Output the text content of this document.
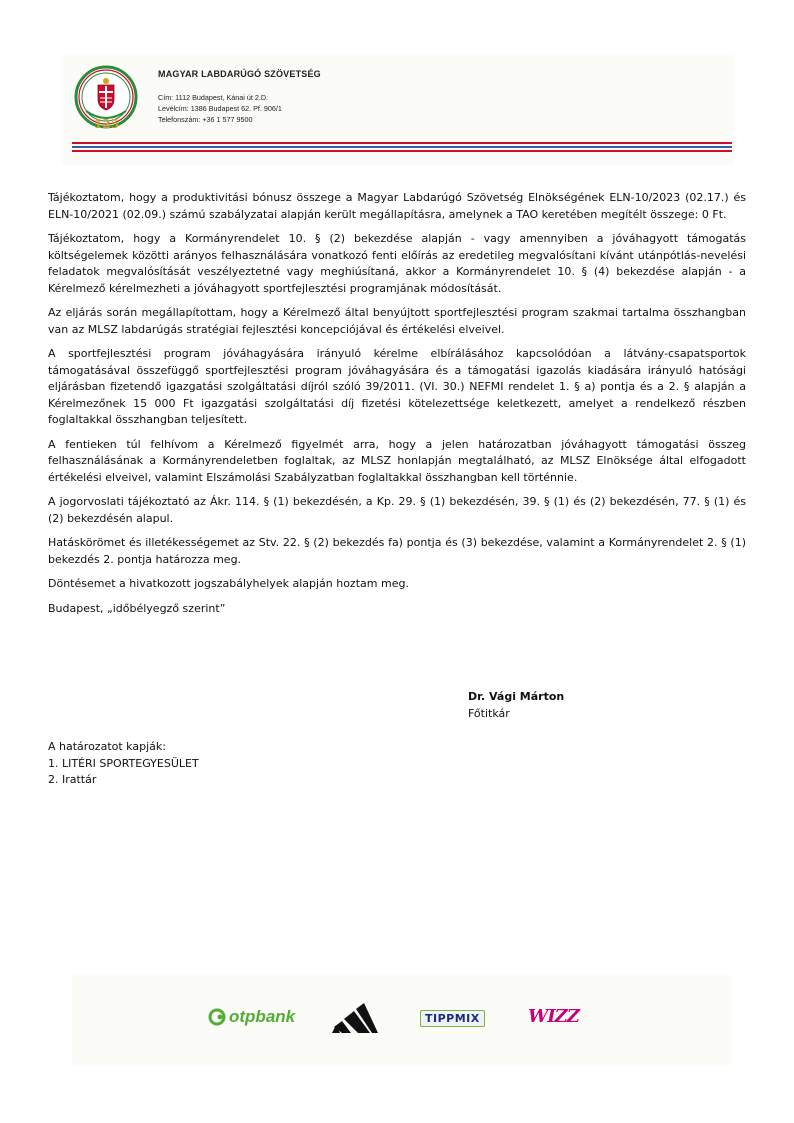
125
MAGYAR LABDARÚGÓ SZÖVETSÉG
Cím: 1112 Budapest, Kánai út 2.D.
Levélcím: 1386 Budapest 62. Pf. 906/1
Telefonszám: +36 1 577 9500

Tájékoztatom, hogy a produktivitási bónusz összege a Magyar Labdarúgó Szövetség Elnökségének ELN-10/2023 (02.17.) és ELN-10/2021 (02.09.) számú szabályzatai alapján került megállapításra, amelynek a TAO keretében megítélt összege: 0 Ft.

Tájékoztatom, hogy a Kormányrendelet 10. § (2) bekezdése alapján - vagy amennyiben a jóváhagyott támogatás költségelemek közötti arányos felhasználására vonatkozó fenti előírás az eredetileg megvalósítani kívánt utánpótlás-nevelési feladatok megvalósítását veszélyeztetné vagy meghiúsítaná, akkor a Kormányrendelet 10. § (4) bekezdése alapján - a Kérelmező kérelmezheti a jóváhagyott sportfejlesztési programjának módosítását.

Az eljárás során megállapítottam, hogy a Kérelmező által benyújtott sportfejlesztési program szakmai tartalma összhangban van az MLSZ labdarúgás stratégiai fejlesztési koncepciójával és értékelési elveivel.

A sportfejlesztési program jóváhagyására irányuló kérelme elbírálásához kapcsolódóan a látvány-csapatsportok támogatásával összefüggő sportfejlesztési program jóváhagyására és a támogatási igazolás kiadására irányuló hatósági eljárásban fizetendő igazgatási szolgáltatási díjról szóló 39/2011. (VI. 30.) NEFMI rendelet 1. § a) pontja és a 2. § alapján a Kérelmezőnek 15 000 Ft igazgatási szolgáltatási díj fizetési kötelezettsége keletkezett, amelyet a rendelkező részben foglaltakkal összhangban teljesített.

A fentieken túl felhívom a Kérelmező figyelmét arra, hogy a jelen határozatban jóváhagyott támogatási összeg felhasználásának a Kormányrendeletben foglaltak, az MLSZ honlapján megtalálható, az MLSZ Elnöksége által elfogadott értékelési elveivel, valamint Elszámolási Szabályzatban foglaltakkal összhangban kell történnie.

A jogorvoslati tájékoztató az Ákr. 114. § (1) bekezdésén, a Kp. 29. § (1) bekezdésén, 39. § (1) és (2) bekezdésén, 77. § (1) és (2) bekezdésén alapul.

Hatáskörömet és illetékességemet az Stv. 22. § (2) bekezdés fa) pontja és (3) bekezdése, valamint a Kormányrendelet 2. § (1) bekezdés 2. pontja határozza meg.

Döntésemet a hivatkozott jogszabályhelyek alapján hoztam meg.

Budapest, „időbélyegző szerint”

Dr. Vági Márton
Főtitkár
A határozatot kapják:
1. LITÉRI SPORTEGYESÜLET
2. Irattár
otpbank	TIPPMIX	WIZZ
